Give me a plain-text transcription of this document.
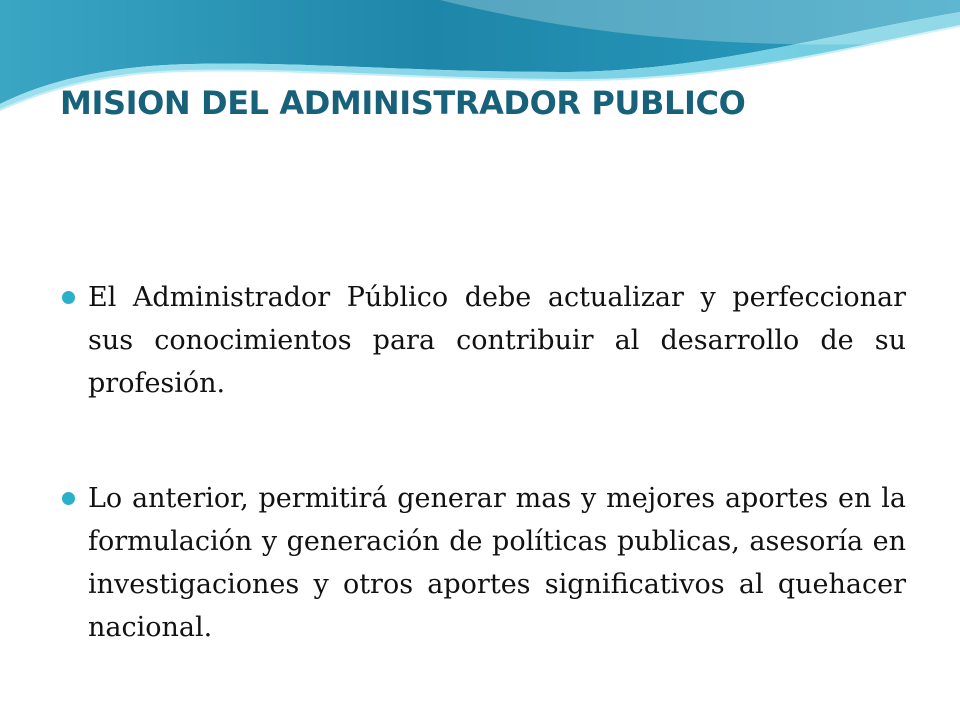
MISION DEL ADMINISTRADOR PUBLICO
El Administrador Público debe actualizar y perfeccionar sus conocimientos para contribuir al desarrollo de su profesión.
Lo anterior, permitirá generar mas y mejores aportes en la formulación y generación de políticas publicas, asesoría en investigaciones y otros aportes significativos al quehacer nacional.
